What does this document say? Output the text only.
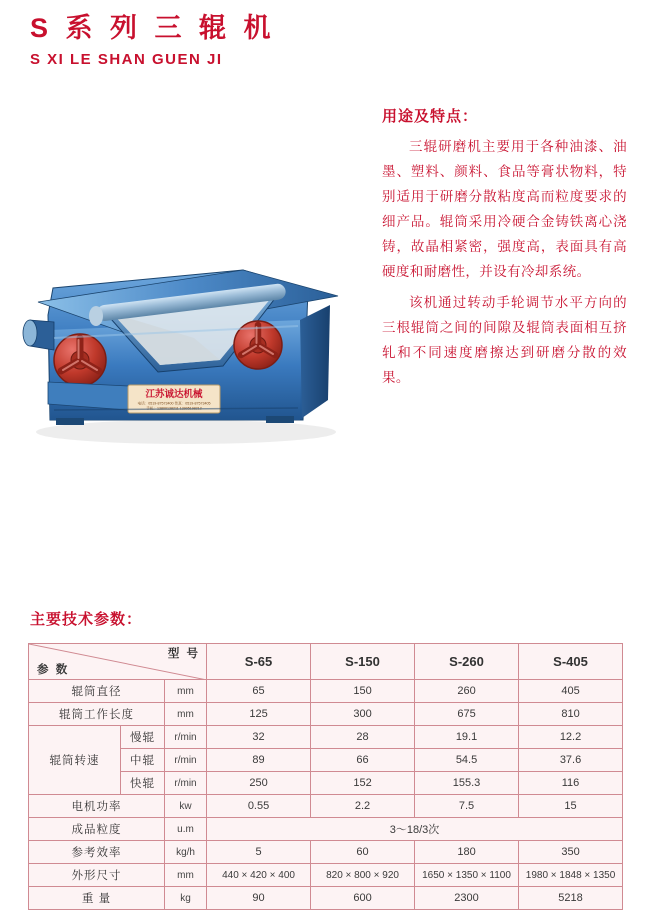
S 系 列 三 辊 机
S XI LE SHAN GUEN JI
江苏诚达机械
电话：0519-87573400 传真：0519-87573405
用途及特点：

三辊研磨机主要用于各种油漆、油墨、塑料、颜料、食品等膏状物料，特别适用于研磨分散粘度高而粒度要求的细产品。辊筒采用冷硬合金铸铁离心浇铸，故晶相紧密，强度高，表面具有高硬度和耐磨性，并设有冷却系统。

该机通过转动手轮调节水平方向的三根辊筒之间的间隙及辊筒表面相互挤轧和不同速度磨擦达到研磨分散的效果。

主要技术参数：
参 数
型 号			S-65	S-150	S-260	S-405
辊筒直径		mm	65	150	260	405
辊筒工作长度		mm	125	300	675	810
辊筒转速	慢辊	r/min	32	28	19.1	12.2
	中辊	r/min	89	66	54.5	37.6
	快辊	r/min	250	152	155.3	116
电机功率		kw	0.55	2.2	7.5	15
成品粒度		u.m	3～18/3次			
参考效率		kg/h	5	60	180	350
外形尺寸		mm	440 × 420 × 400	820 × 800 × 920	1650 × 1350 × 1100	1980 × 1848 × 1350
重 量		kg	90	600	2300	5218
